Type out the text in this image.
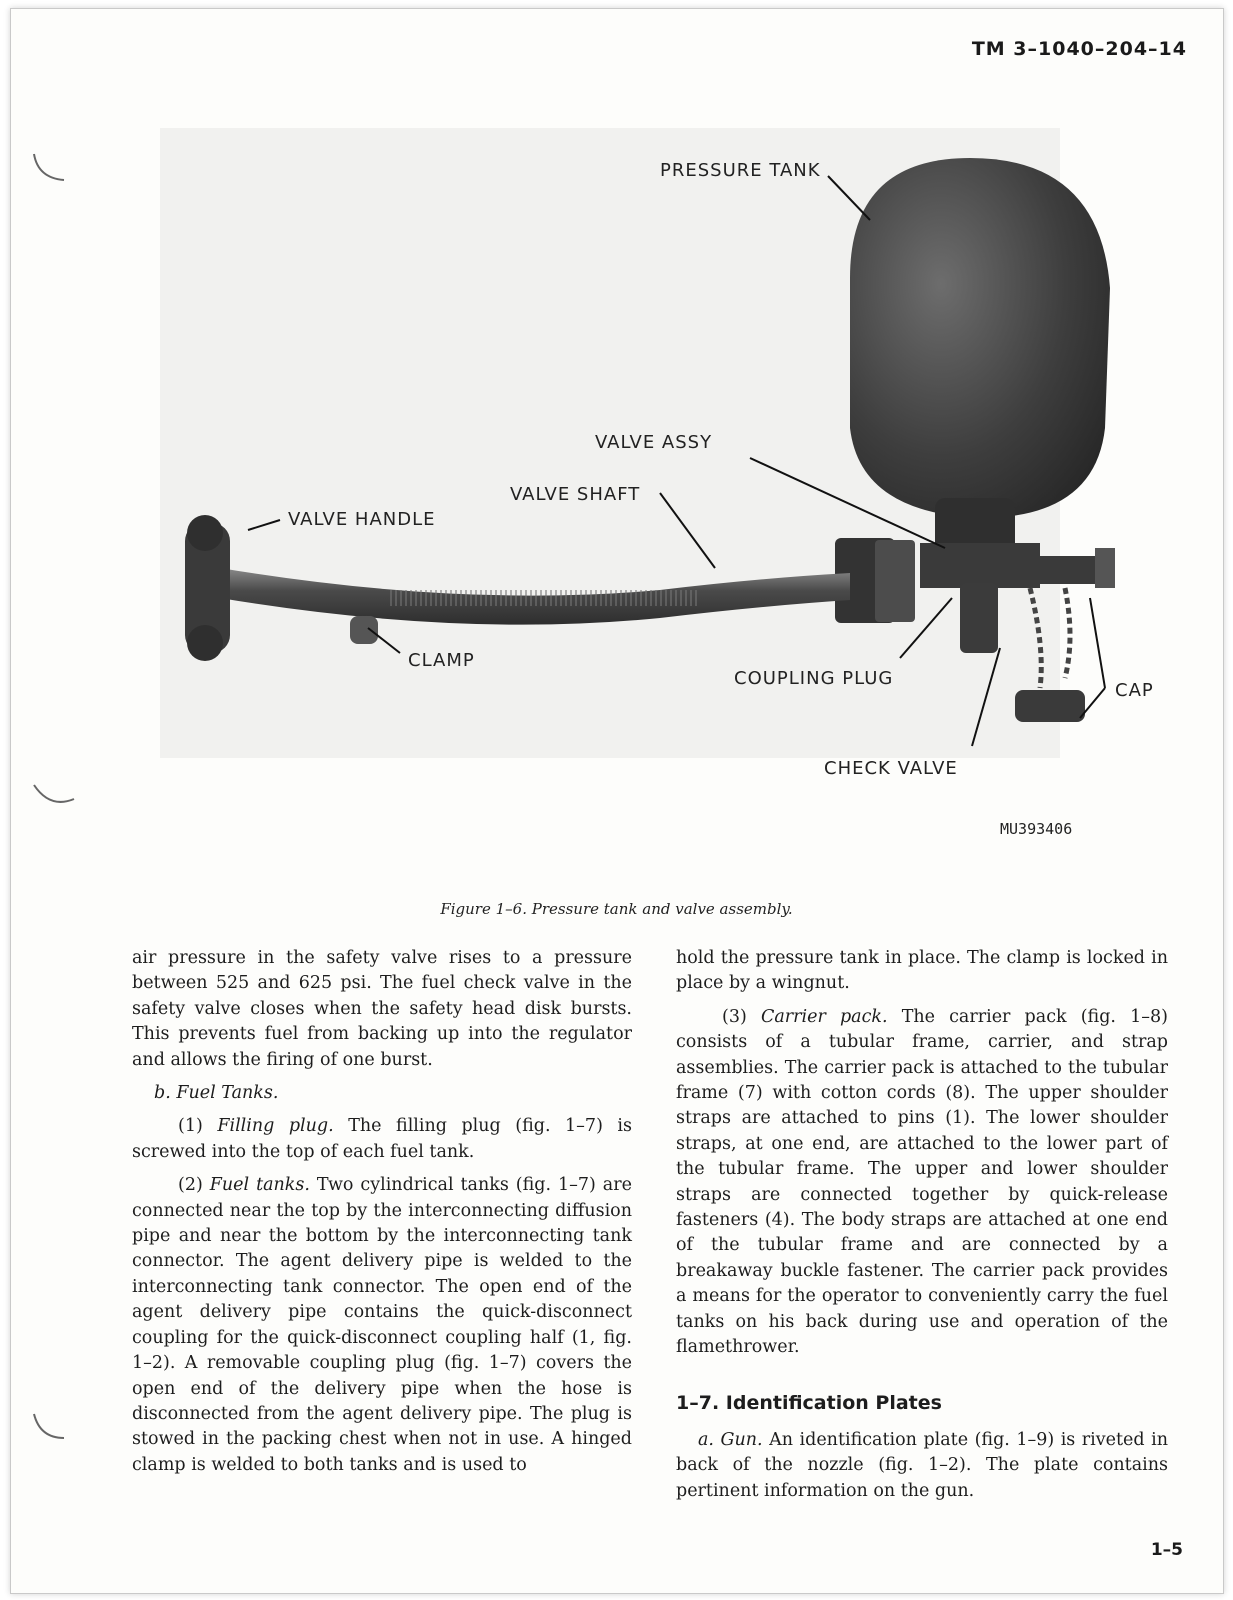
TM 3–1040–204–14
PRESSURE TANK
VALVE ASSY
VALVE SHAFT
VALVE HANDLE
CLAMP
COUPLING PLUG
CAP
CHECK VALVE
MU393406
Figure 1–6. Pressure tank and valve assembly.

air pressure in the safety valve rises to a pressure between 525 and 625 psi. The fuel check valve in the safety valve closes when the safety head disk bursts. This prevents fuel from backing up into the regulator and allows the firing of one burst.

b. Fuel Tanks.

(1) Filling plug. The filling plug (fig. 1–7) is screwed into the top of each fuel tank.

(2) Fuel tanks. Two cylindrical tanks (fig. 1–7) are connected near the top by the interconnecting diffusion pipe and near the bottom by the interconnecting tank connector. The agent delivery pipe is welded to the interconnecting tank connector. The open end of the agent delivery pipe contains the quick-disconnect coupling for the quick-disconnect coupling half (1, fig. 1–2). A removable coupling plug (fig. 1–7) covers the open end of the delivery pipe when the hose is disconnected from the agent delivery pipe. The plug is stowed in the packing chest when not in use. A hinged clamp is welded to both tanks and is used to

hold the pressure tank in place. The clamp is locked in place by a wingnut.

(3) Carrier pack. The carrier pack (fig. 1–8) consists of a tubular frame, carrier, and strap assemblies. The carrier pack is attached to the tubular frame (7) with cotton cords (8). The upper shoulder straps are attached to pins (1). The lower shoulder straps, at one end, are attached to the lower part of the tubular frame. The upper and lower shoulder straps are connected together by quick-release fasteners (4). The body straps are attached at one end of the tubular frame and are connected by a breakaway buckle fastener. The carrier pack provides a means for the operator to conveniently carry the fuel tanks on his back during use and operation of the flamethrower.

1–7. Identification Plates

a. Gun. An identification plate (fig. 1–9) is riveted in back of the nozzle (fig. 1–2). The plate contains pertinent information on the gun.

1–5
